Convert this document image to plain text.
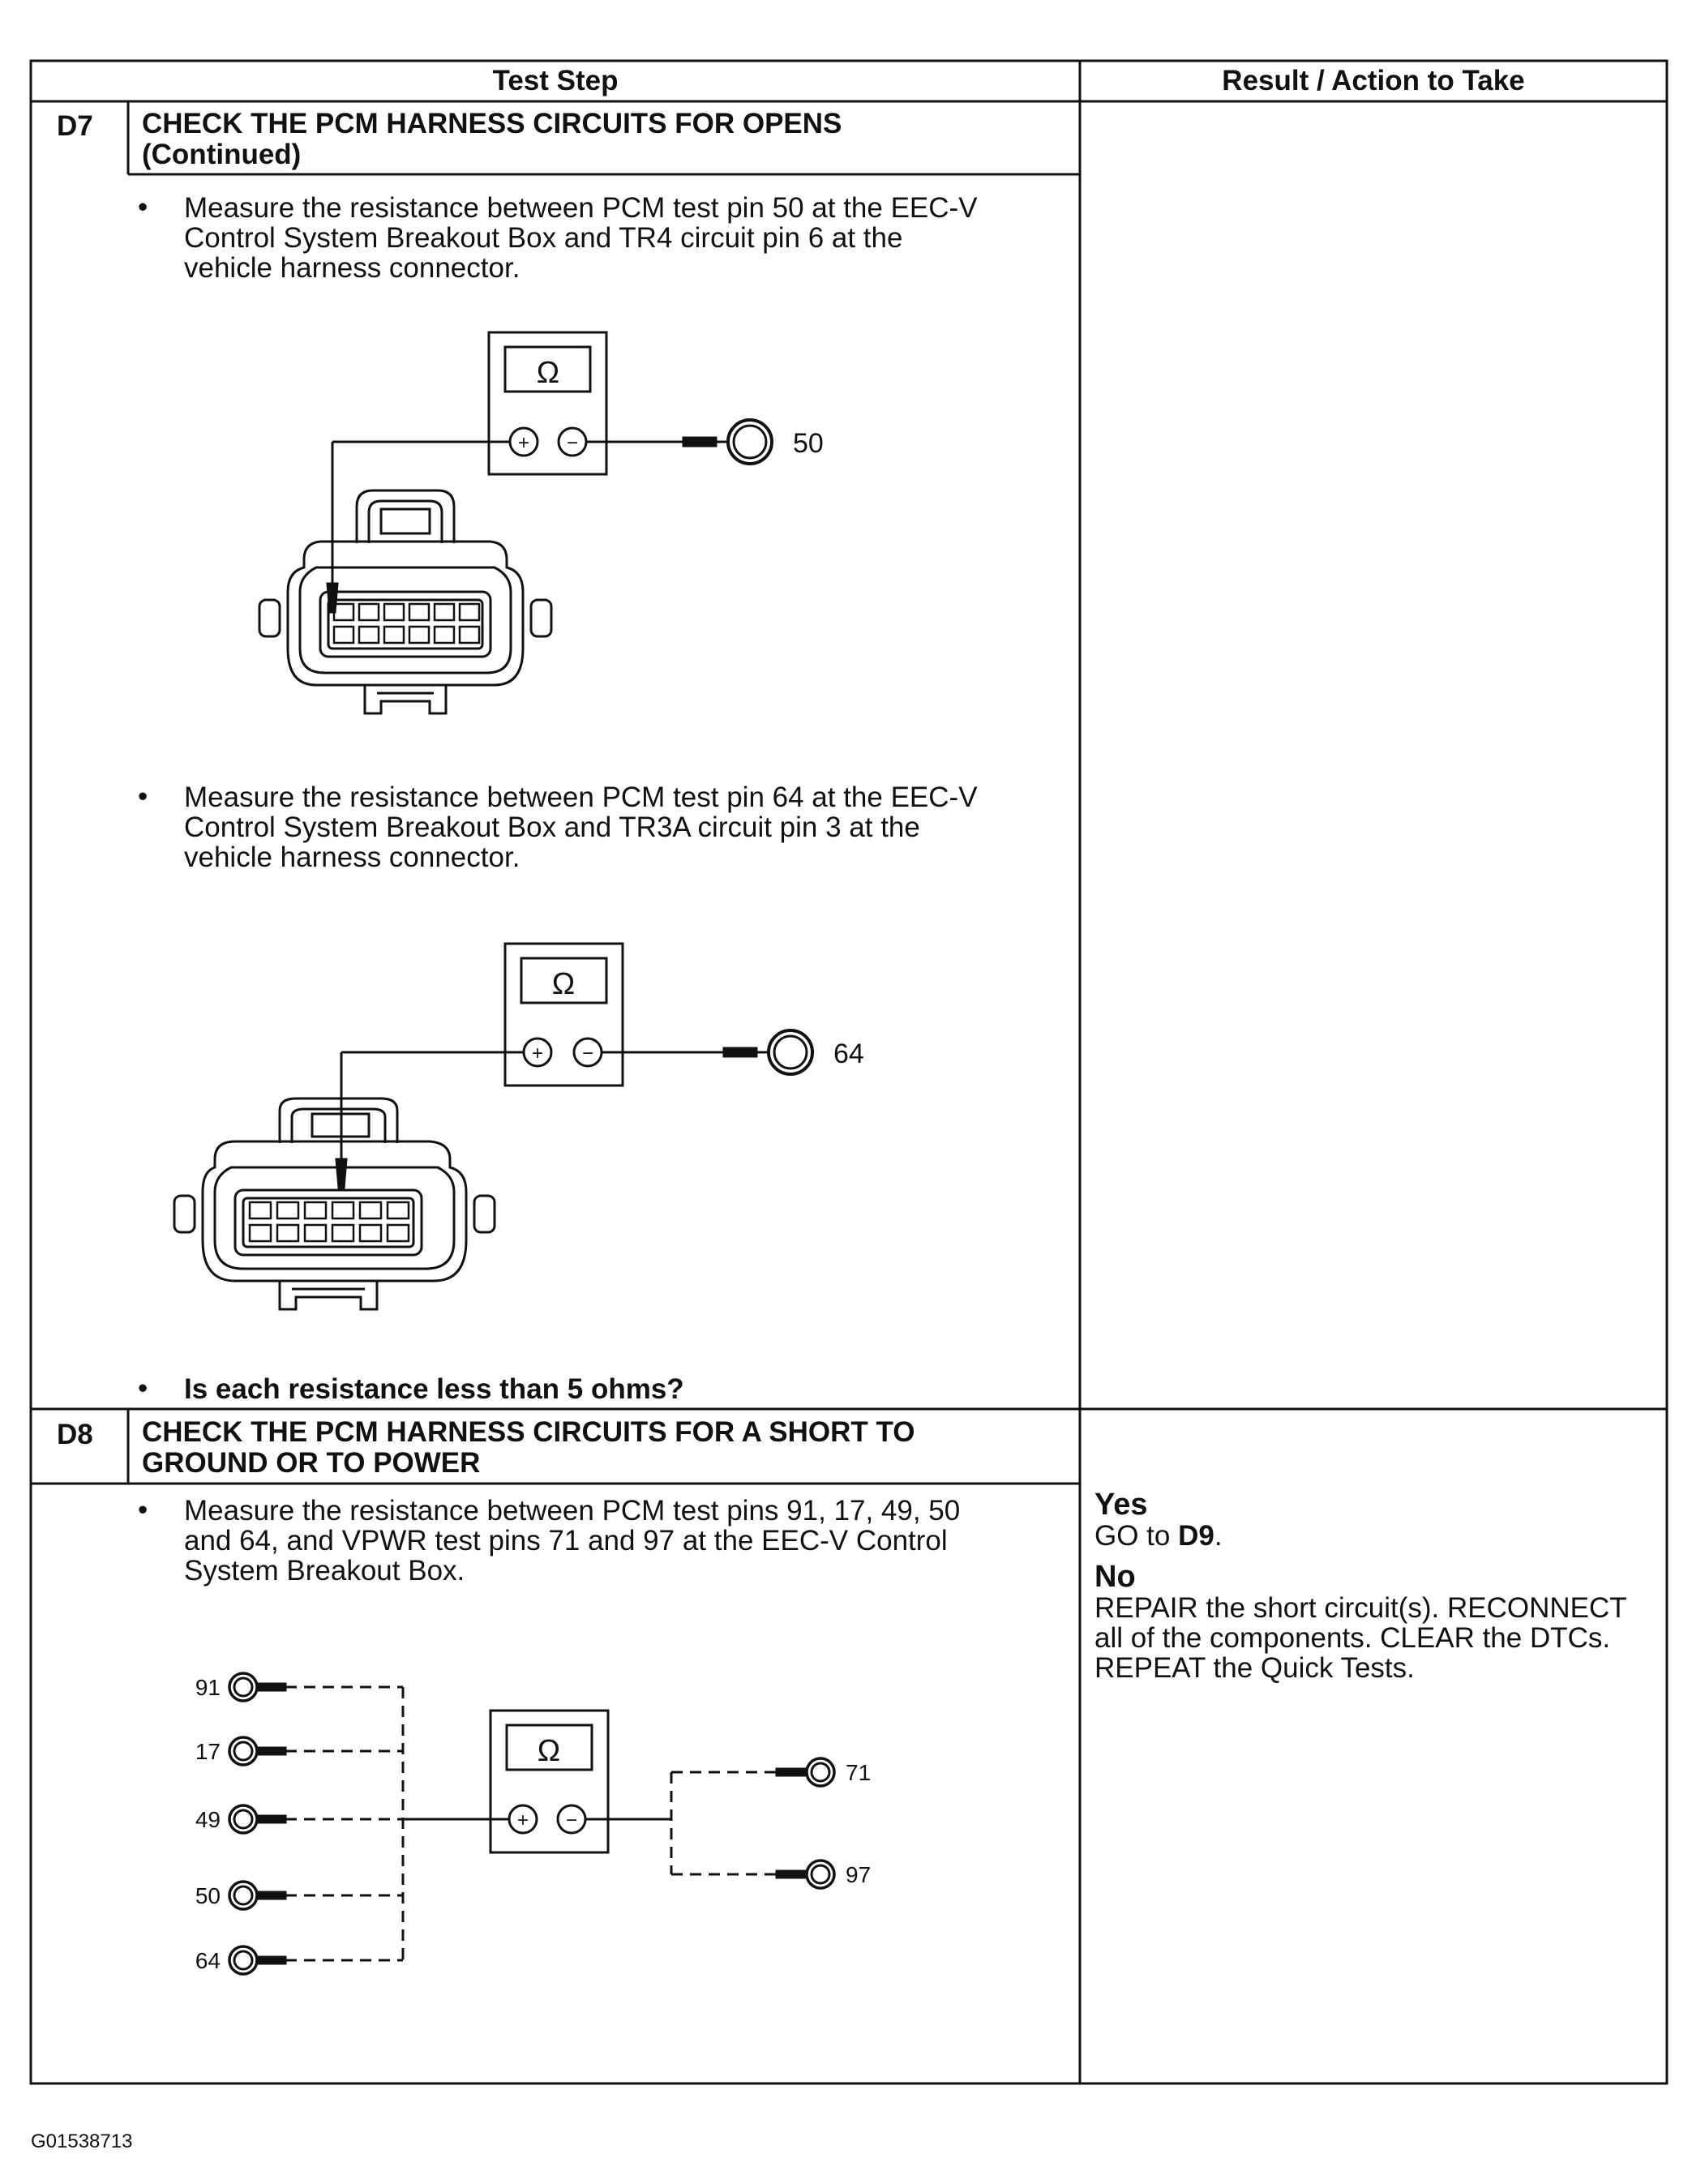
Test Step	Result / Action to Take
D7 CHECK THE PCM HARNESS CIRCUITS FOR OPENS
(Continued)
• Measure the resistance between PCM test pin 50 at the EEC-V
Control System Breakout Box and TR4 circuit pin 6 at the
vehicle harness connector.
Ω
+ −	50
• Measure the resistance between PCM test pin 64 at the EEC-V
Control System Breakout Box and TR3A circuit pin 3 at the
vehicle harness connector.
Ω
+ −	64
• Is each resistance less than 5 ohms?
D8 CHECK THE PCM HARNESS CIRCUITS FOR A SHORT TO
GROUND OR TO POWER
• Measure the resistance between PCM test pins 91, 17, 49, 50
and 64, and VPWR test pins 71 and 97 at the EEC-V Control
System Breakout Box.
Yes
GO to D9.
No
REPAIR the short circuit(s). RECONNECT
all of the components. CLEAR the DTCs.
REPEAT the Quick Tests.
Ω
+ −
91
17
49
50
64
71
97
G01538713
